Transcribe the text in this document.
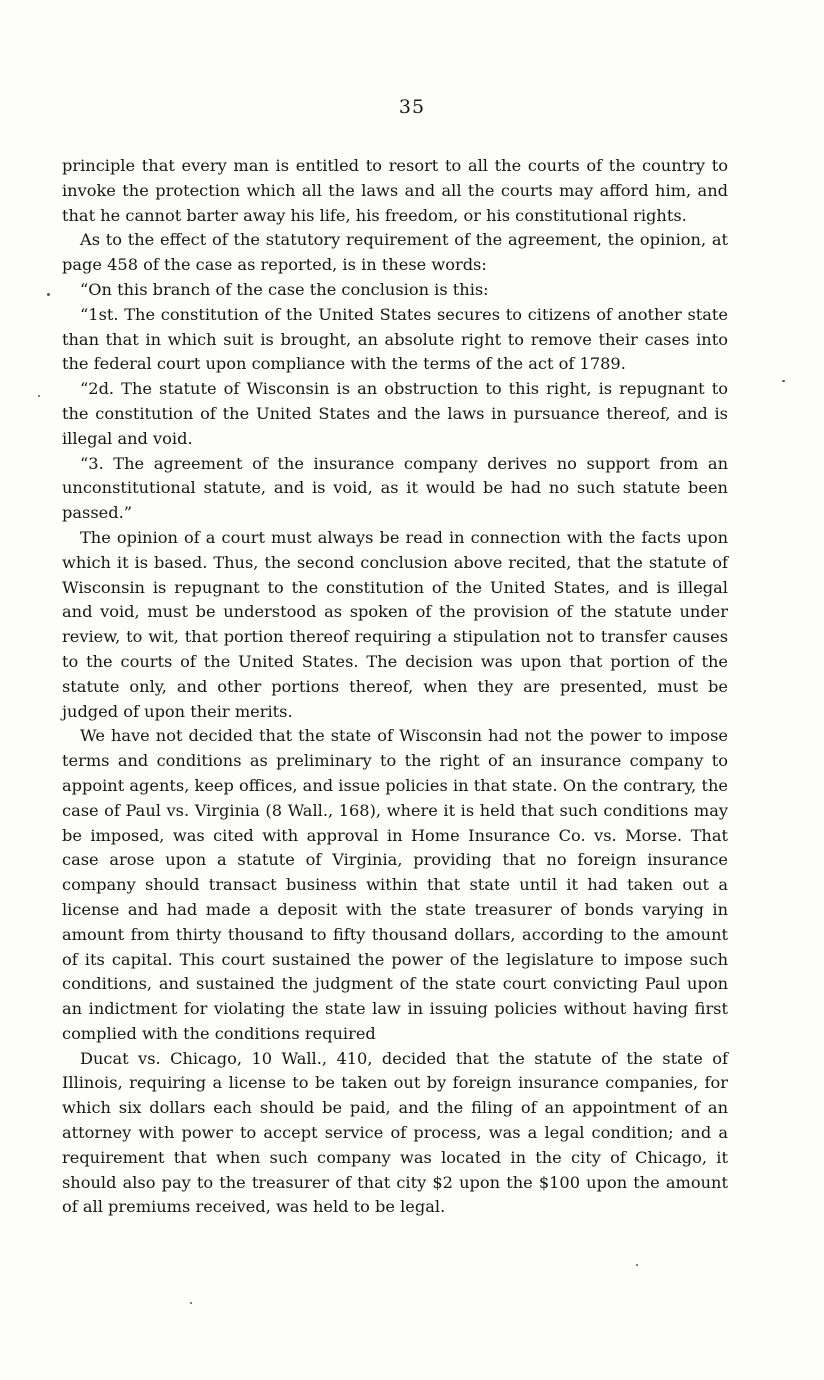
35

principle that every man is entitled to resort to all the courts of the country to invoke the protection which all the laws and all the courts may afford him, and that he cannot barter away his life, his freedom, or his constitutional rights.

As to the effect of the statutory requirement of the agreement, the opinion, at page 458 of the case as reported, is in these words:

“On this branch of the case the conclusion is this:

“1st. The constitution of the United States secures to citizens of another state than that in which suit is brought, an absolute right to remove their cases into the federal court upon compliance with the terms of the act of 1789.

“2d. The statute of Wisconsin is an obstruction to this right, is repugnant to the constitution of the United States and the laws in pursuance thereof, and is illegal and void.

“3. The agreement of the insurance company derives no support from an unconstitutional statute, and is void, as it would be had no such statute been passed.”

The opinion of a court must always be read in connection with the facts upon which it is based. Thus, the second conclusion above recited, that the statute of Wisconsin is repugnant to the constitution of the United States, and is illegal and void, must be understood as spoken of the provision of the statute under review, to wit, that portion thereof requiring a stipulation not to transfer causes to the courts of the United States. The decision was upon that portion of the statute only, and other portions thereof, when they are presented, must be judged of upon their merits.

We have not decided that the state of Wisconsin had not the power to impose terms and conditions as preliminary to the right of an insurance company to appoint agents, keep offices, and issue policies in that state. On the contrary, the case of Paul vs. Virginia (8 Wall., 168), where it is held that such conditions may be imposed, was cited with approval in Home Insurance Co. vs. Morse. That case arose upon a statute of Virginia, providing that no foreign insurance company should transact business within that state until it had taken out a license and had made a deposit with the state treasurer of bonds varying in amount from thirty thousand to fifty thousand dollars, according to the amount of its capital. This court sustained the power of the legislature to impose such conditions, and sustained the judgment of the state court convicting Paul upon an indictment for violating the state law in issuing policies without having first complied with the conditions required

Ducat vs. Chicago, 10 Wall., 410, decided that the statute of the state of Illinois, requiring a license to be taken out by foreign insurance companies, for which six dollars each should be paid, and the filing of an appointment of an attorney with power to accept service of process, was a legal condition; and a requirement that when such company was located in the city of Chicago, it should also pay to the treasurer of that city $2 upon the $100 upon the amount of all premiums received, was held to be legal.
